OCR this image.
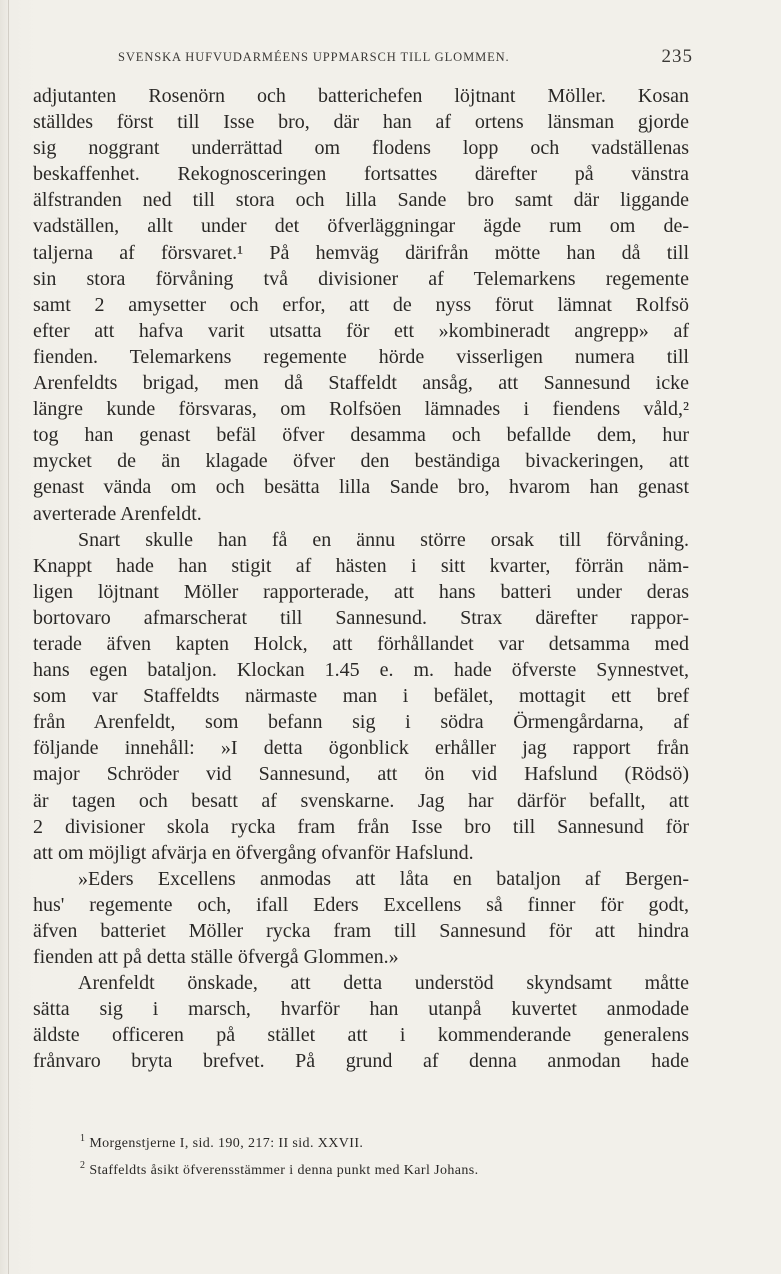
SVENSKA HUFVUDARMÉENS UPPMARSCH TILL GLOMMEN.	235
adjutanten Rosenörn och batterichefen löjtnant Möller. Kosan
ställdes först till Isse bro, där han af ortens länsman gjorde
sig noggrant underrättad om flodens lopp och vadställenas
beskaffenhet. Rekognosceringen fortsattes därefter på vänstra
älfstranden ned till stora och lilla Sande bro samt där liggande
vadställen, allt under det öfverläggningar ägde rum om de-
taljerna af försvaret.¹ På hemväg därifrån mötte han då till
sin stora förvåning två divisioner af Telemarkens regemente
samt 2 amysetter och erfor, att de nyss förut lämnat Rolfsö
efter att hafva varit utsatta för ett »kombineradt angrepp» af
fienden. Telemarkens regemente hörde visserligen numera till
Arenfeldts brigad, men då Staffeldt ansåg, att Sannesund icke
längre kunde försvaras, om Rolfsöen lämnades i fiendens våld,²
tog han genast befäl öfver desamma och befallde dem, hur
mycket de än klagade öfver den beständiga bivackeringen, att
genast vända om och besätta lilla Sande bro, hvarom han genast
averterade Arenfeldt.
Snart skulle han få en ännu större orsak till förvåning.
Knappt hade han stigit af hästen i sitt kvarter, förrän näm-
ligen löjtnant Möller rapporterade, att hans batteri under deras
bortovaro afmarscherat till Sannesund. Strax därefter rappor-
terade äfven kapten Holck, att förhållandet var detsamma med
hans egen bataljon. Klockan 1.45 e. m. hade öfverste Synnestvet,
som var Staffeldts närmaste man i befälet, mottagit ett bref
från Arenfeldt, som befann sig i södra Örmengårdarna, af
följande innehåll: »I detta ögonblick erhåller jag rapport från
major Schröder vid Sannesund, att ön vid Hafslund (Rödsö)
är tagen och besatt af svenskarne. Jag har därför befallt, att
2 divisioner skola rycka fram från Isse bro till Sannesund för
att om möjligt afvärja en öfvergång ofvanför Hafslund.
»Eders Excellens anmodas att låta en bataljon af Bergen-
hus' regemente och, ifall Eders Excellens så finner för godt,
äfven batteriet Möller rycka fram till Sannesund för att hindra
fienden att på detta ställe öfvergå Glommen.»
Arenfeldt önskade, att detta understöd skyndsamt måtte
sätta sig i marsch, hvarför han utanpå kuvertet anmodade
äldste officeren på stället att i kommenderande generalens
frånvaro bryta brefvet. På grund af denna anmodan hade
$^1$ Morgenstjerne I, sid. 190, 217: II sid. XXVII.
$^2$ Staffeldts åsikt öfverensstämmer i denna punkt med Karl Johans.
